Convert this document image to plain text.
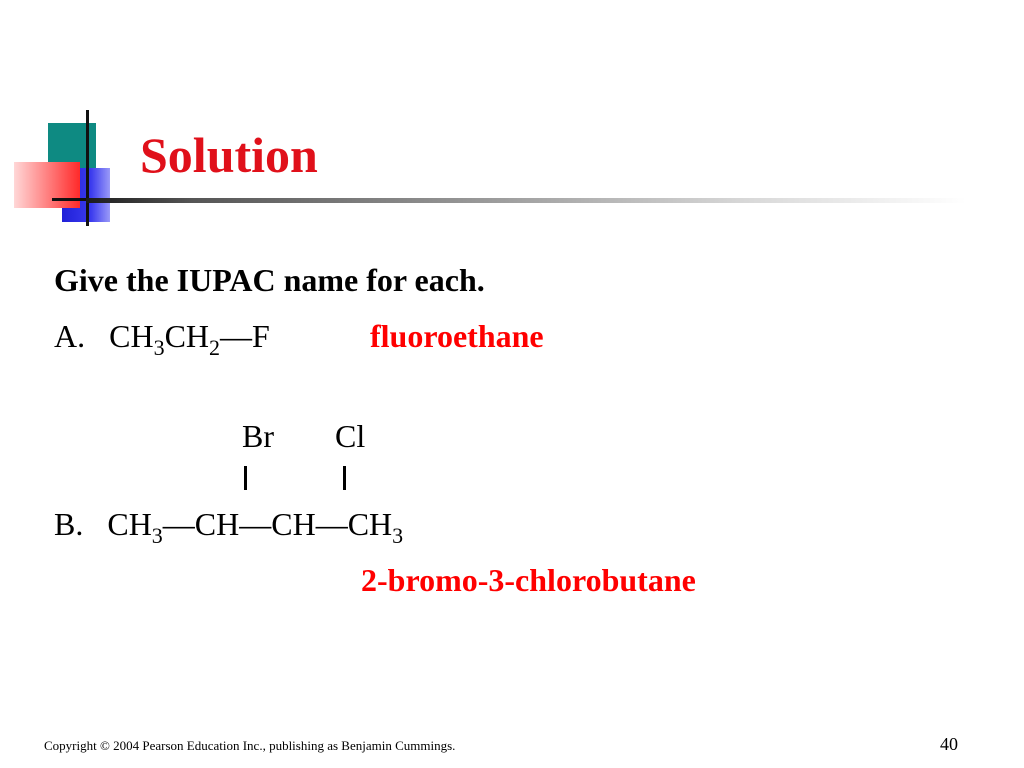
Solution
Give the IUPAC name for each.
A. $CH_3CH_2—F$	fluoroethane
Br Cl
B. $CH_3—CH—CH—CH_3$
2-bromo-3-chlorobutane
Copyright © 2004 Pearson Education Inc., publishing as Benjamin Cummings.	40
